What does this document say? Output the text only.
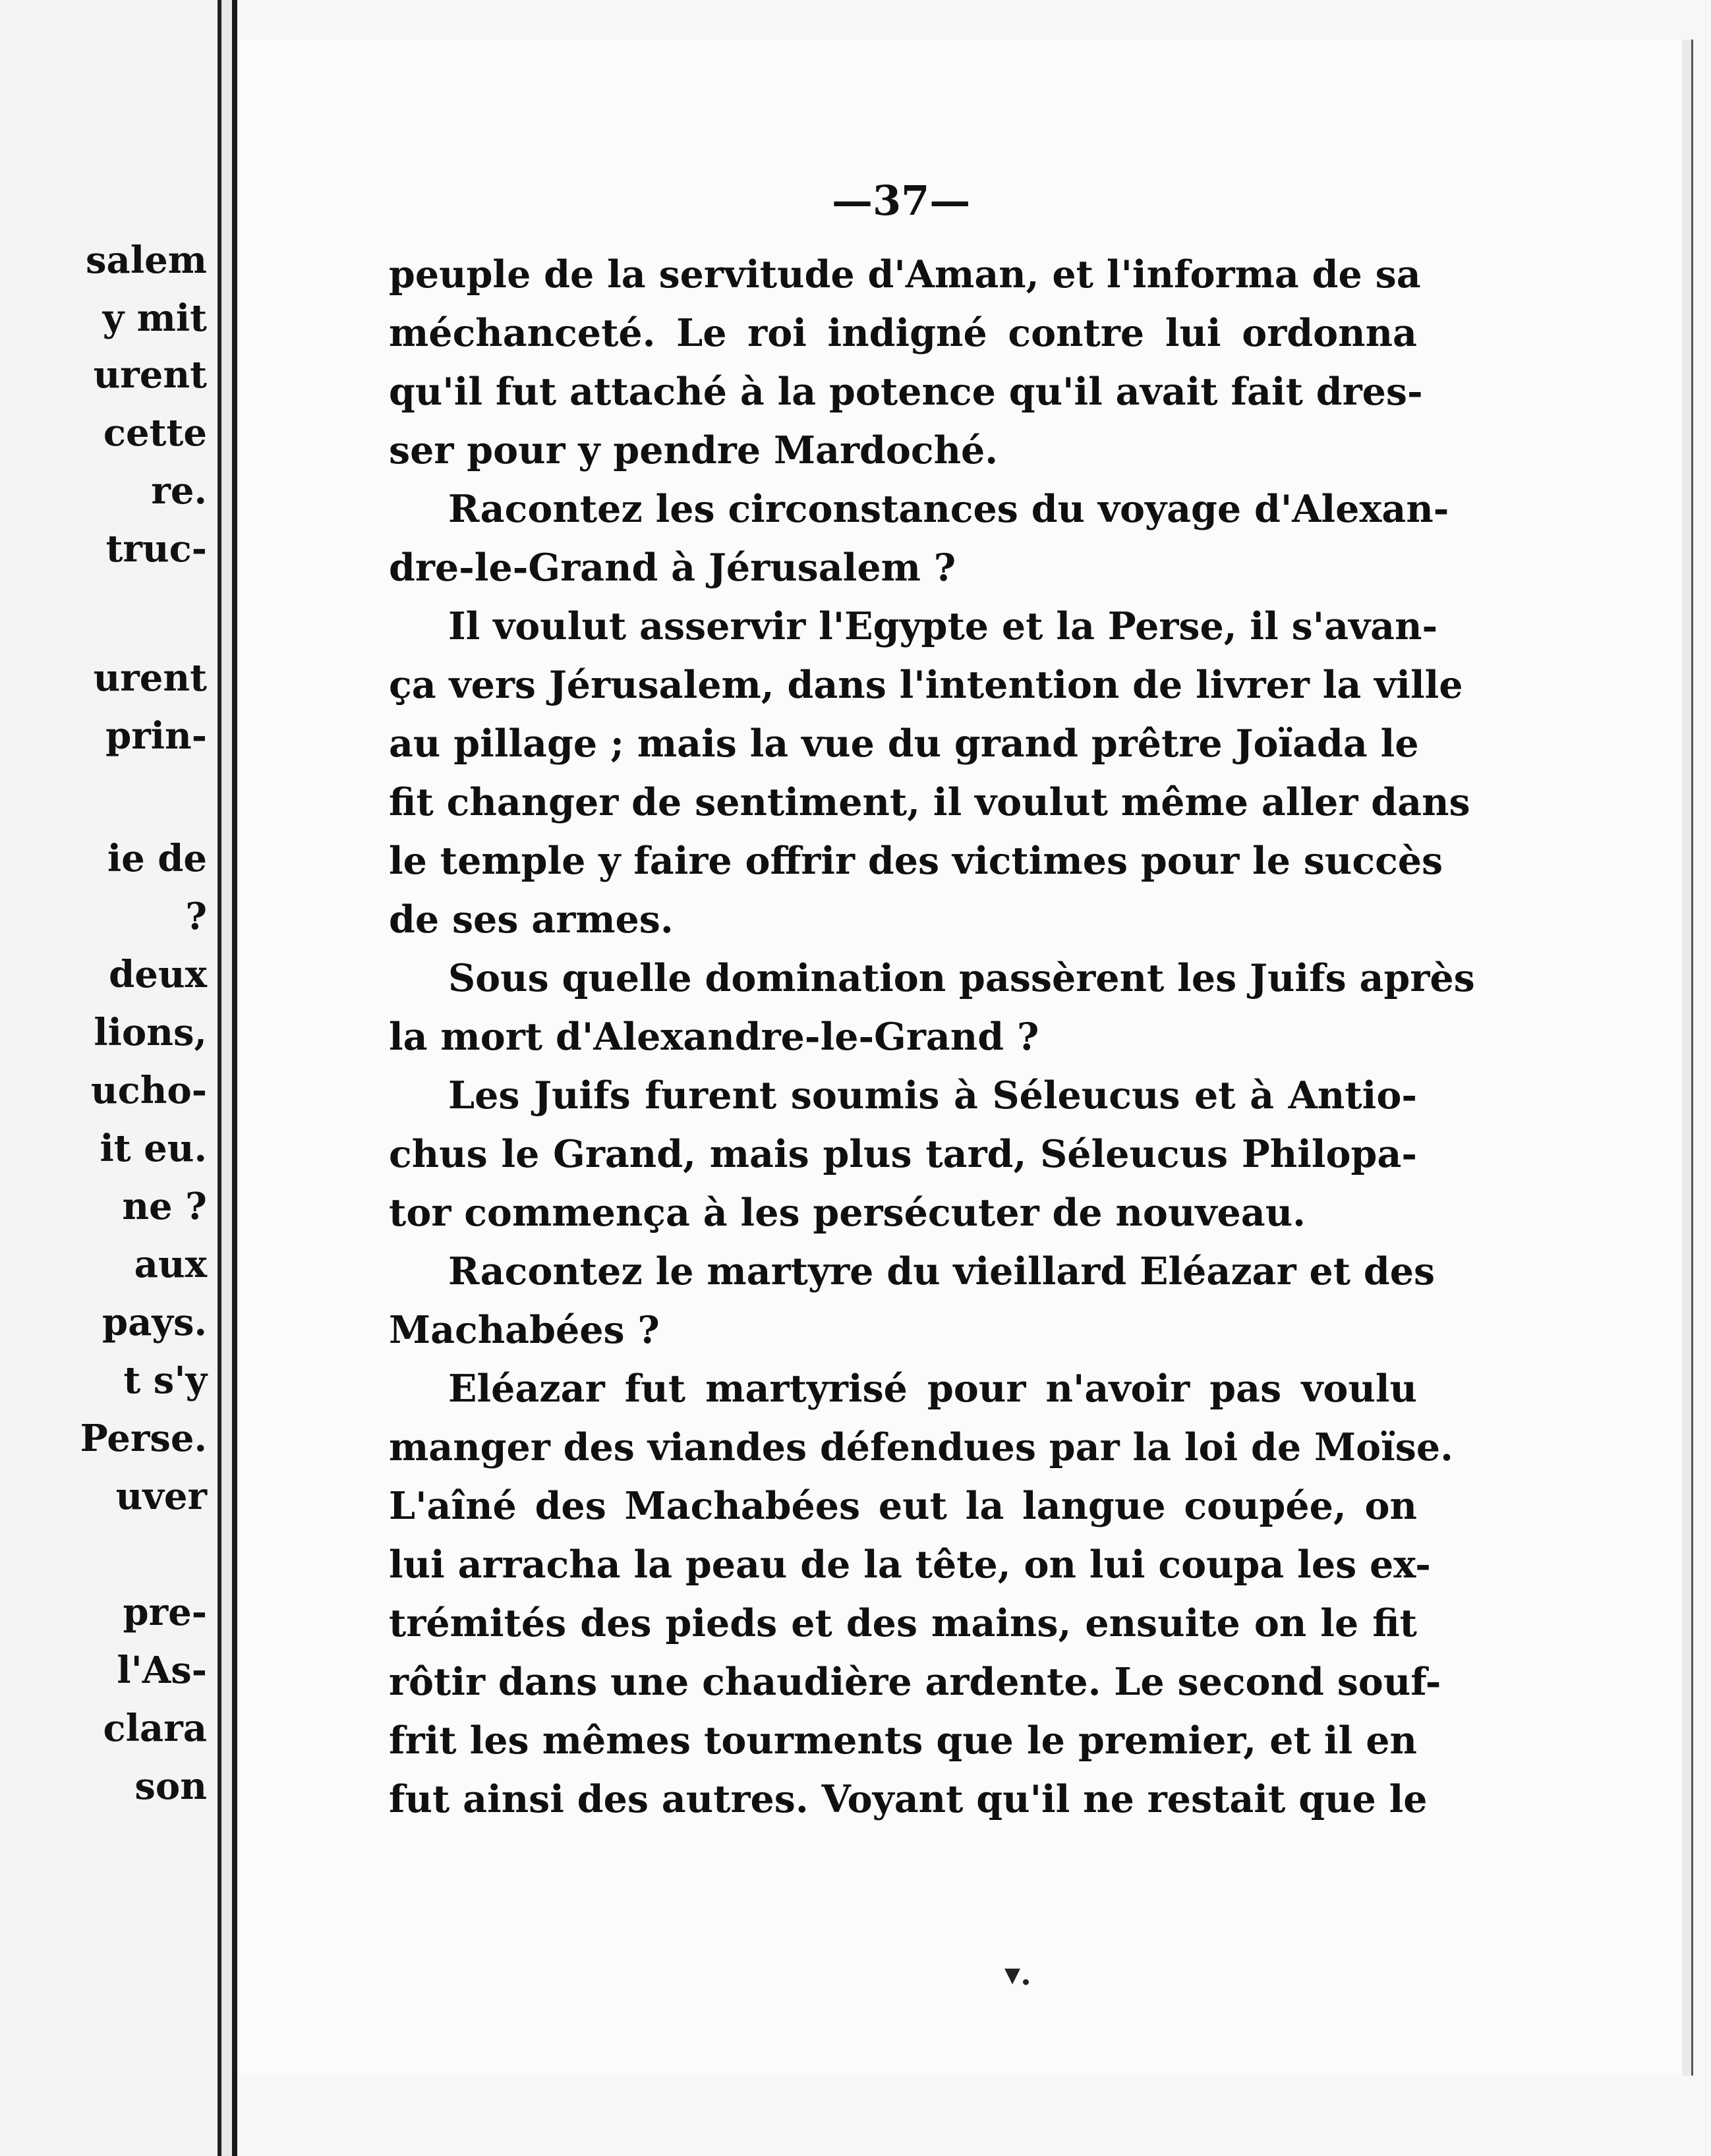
salem
y mit
urent
cette
re.
truc-
urent
prin-
ie de
?
deux
lions,
ucho-
it eu.
ne ?
aux
pays.
t s'y
Perse.
uver
pre-
l'As-
clara
son
—37—
peuple de la servitude d'Aman, et l'informa de sa
méchanceté. Le roi indigné contre lui ordonna
qu'il fut attaché à la potence qu'il avait fait dres-
ser pour y pendre Mardoché.
Racontez les circonstances du voyage d'Alexan-
dre-le-Grand à Jérusalem ?
Il voulut asservir l'Egypte et la Perse, il s'avan-
ça vers Jérusalem, dans l'intention de livrer la ville
au pillage ; mais la vue du grand prêtre Joïada le
fit changer de sentiment, il voulut même aller dans
le temple y faire offrir des victimes pour le succès
de ses armes.
Sous quelle domination passèrent les Juifs après
la mort d'Alexandre-le-Grand ?
Les Juifs furent soumis à Séleucus et à Antio-
chus le Grand, mais plus tard, Séleucus Philopa-
tor commença à les persécuter de nouveau.
Racontez le martyre du vieillard Eléazar et des
Machabées ?
Eléazar fut martyrisé pour n'avoir pas voulu
manger des viandes défendues par la loi de Moïse.
L'aîné des Machabées eut la langue coupée, on
lui arracha la peau de la tête, on lui coupa les ex-
trémités des pieds et des mains, ensuite on le fit
rôtir dans une chaudière ardente. Le second souf-
frit les mêmes tourments que le premier, et il en
fut ainsi des autres. Voyant qu'il ne restait que le
▾.
